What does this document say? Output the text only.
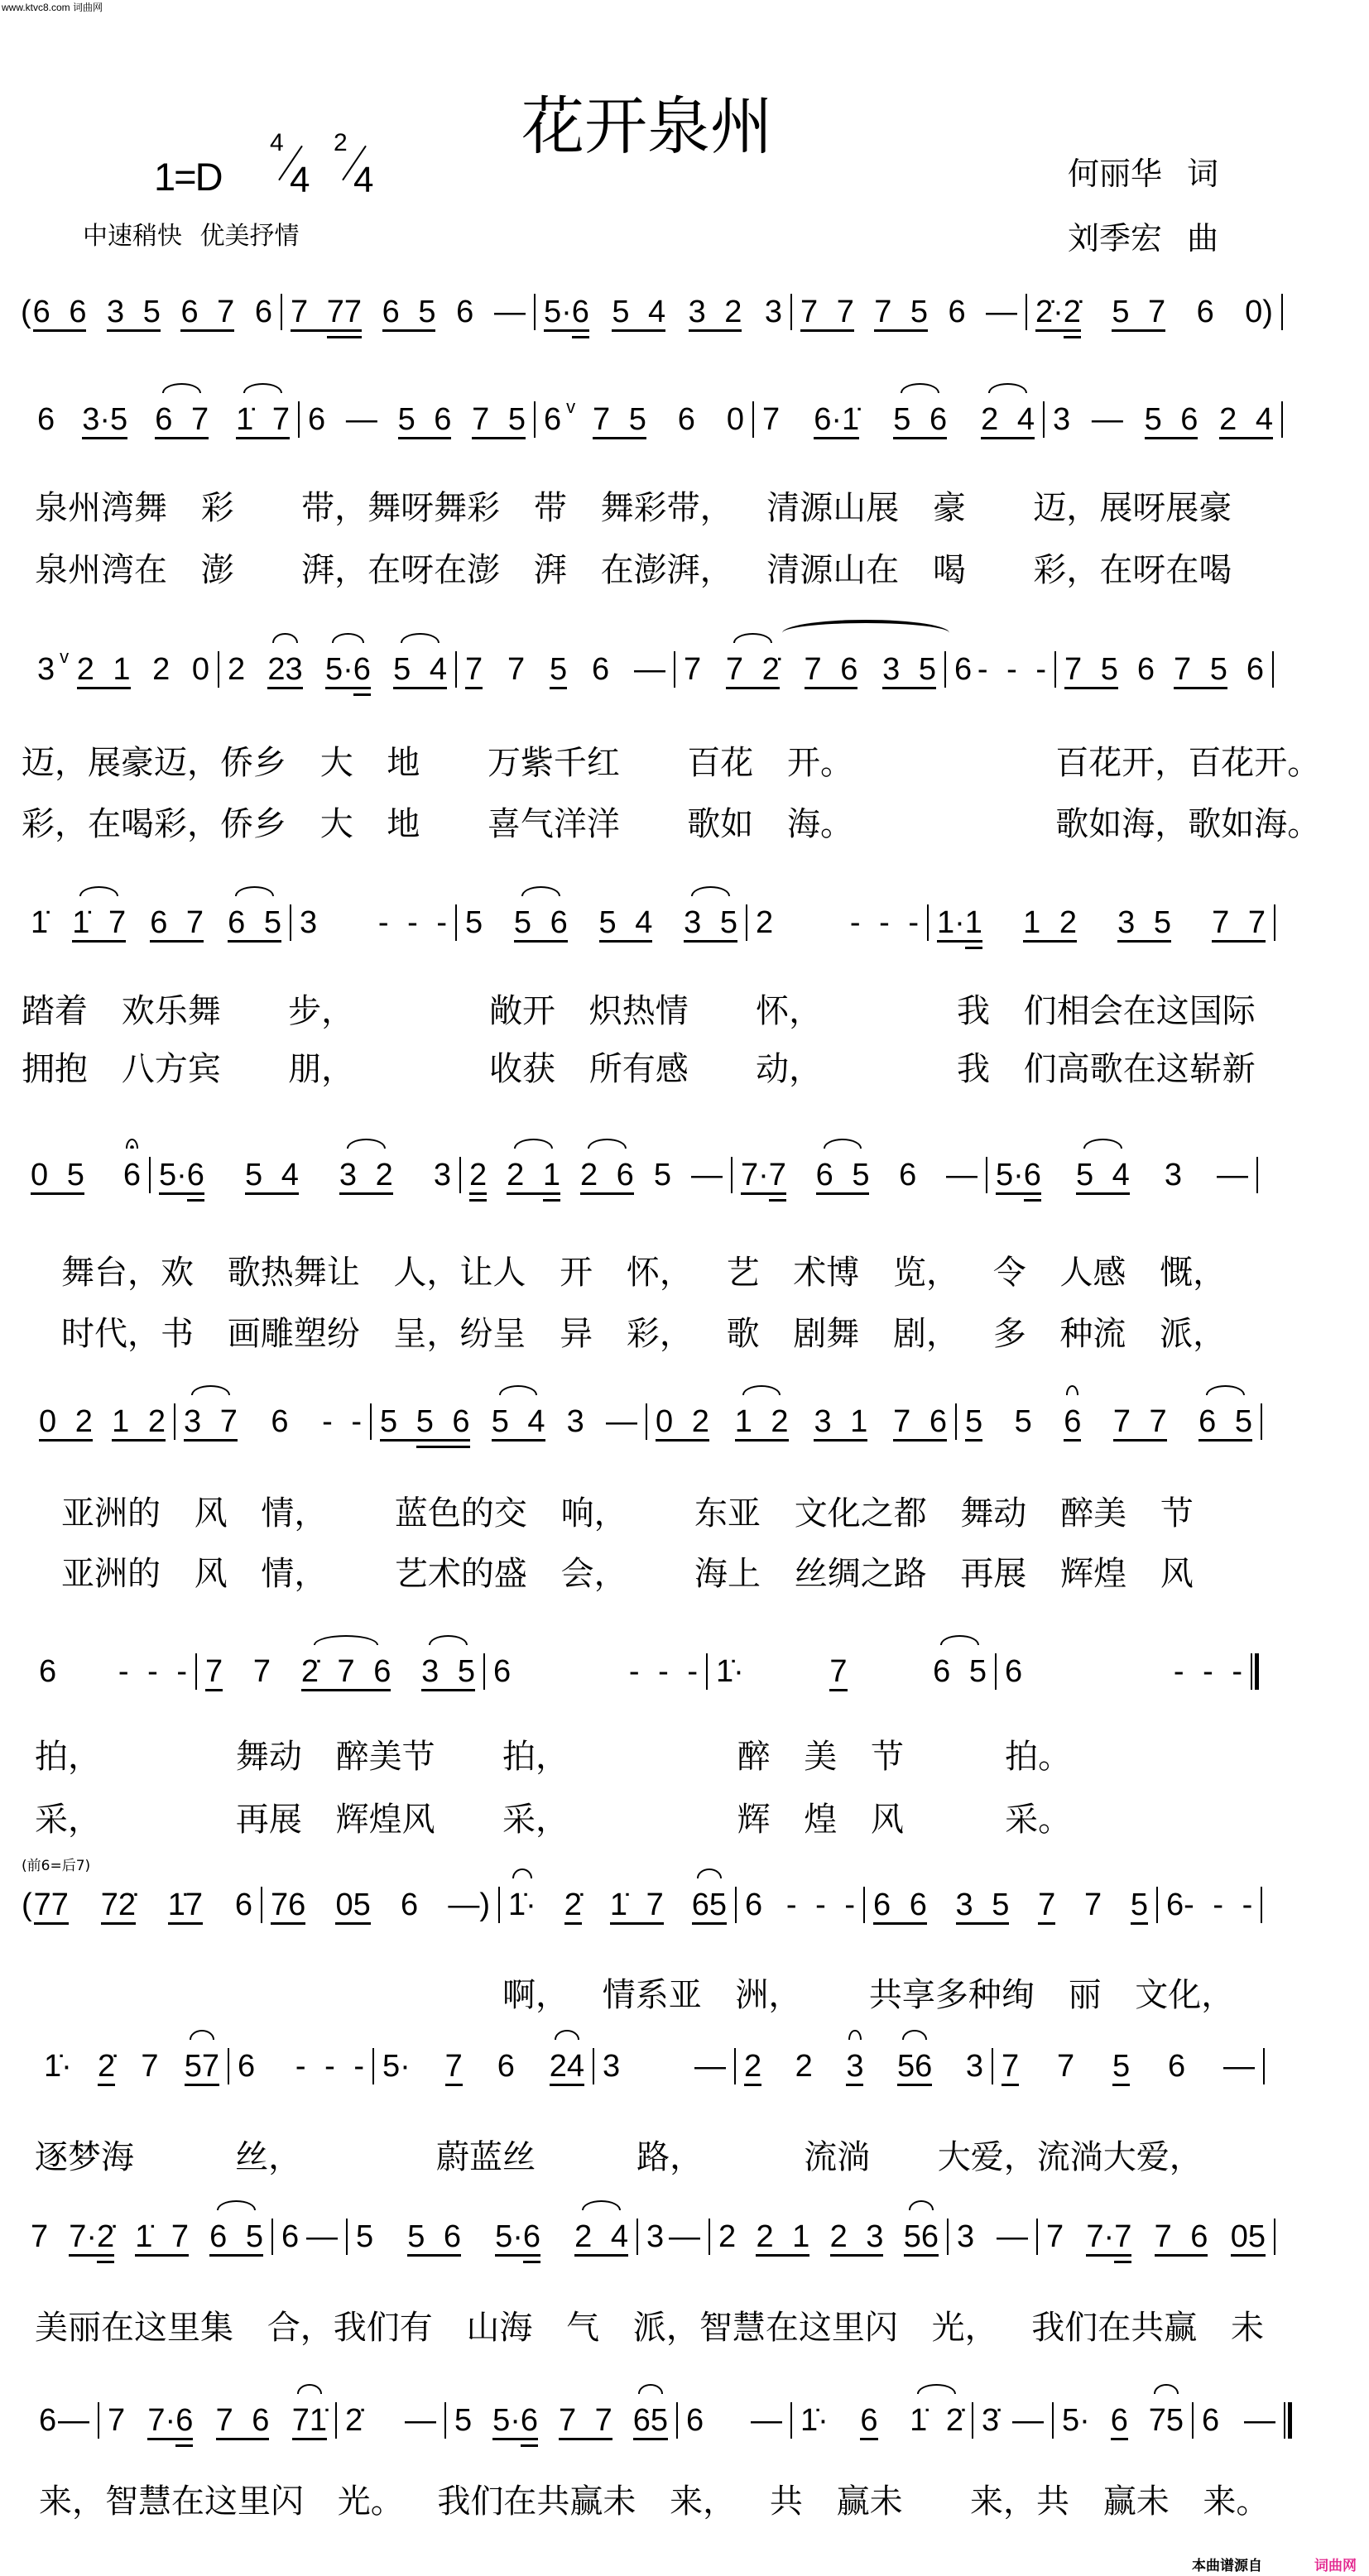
www.ktvc8.com 词曲网
花开泉州
1=D
4
4
2
4
中速稍快 优美抒情
何丽华 词
刘季宏 曲
( 6 6 3 5 6 7 6 7 77 6 5 6 — 5·6 5 4 3 2 3 7 7 7 5 6 — 2̇·2̇ 5 7 6 0)
6 3·5 6 7 1̇ 7 6 — 5 6 7 5 6 v 7 5 6 0 7 6·1̇ 5 6 2 4 3 — 5 6 2 4
3 v 2 1 2 0 2 23 5·6 5 4 7 7 5 6 — 7 7 2̇ 7 6 3 5 6 - - - 7 5 6 7 5 6
1̇ 1̇ 7 6 7 6 5 3 - - - 5 5 6 5 4 3 5 2 - - - 1·1 1 2 3 5 7 7
0 5 6 5·6 5 4 3 2 3 2 2 1 2 6 5 — 7·7 6 5 6 — 5·6 5 4 3 —
0 2 1 2 3 7 6 - - 5 5 6 5 4 3 — 0 2 1 2 3 1 7 6 5 5 6 7 7 6 5
6 - - - 7 7 2̇ 7 6 3 5 6	- - - 1̇·	7	6 5 6	- - -
( 77 72̇ 1̇7 6 76 05 6 —) 1̇· 2̇ 1̇ 7 65 6 - - - 6 6 3 5 7 7 5 6 - - -
1̇· 2̇ 7 57 6 - - - 5· 7 6 24 3 — 2 2 3 56 3 7 7 5 6 —
7 7·2̇ 1̇ 7 6 5 6 — 5 5 6 5·6 2 4 3 — 2 2 1 2 3 56 3 — 7 7·7 7 6 05
6 — 7 7·6 7 6 71̇ 2̇ — 5 5·6 7 7 65 6 — 1̇· 6 1̇ 2̇ 3̇ — 5· 6 75 6 —
泉州湾舞 彩  带，舞呀舞彩 带 舞彩带， 清源山展 豪  迈，展呀展豪
泉州湾在 澎  湃，在呀在澎 湃 在澎湃， 清源山在 喝  彩，在呀在喝
迈，展豪迈，侨乡 大 地  万紫千红  百花 开。      百花开，百花开。
彩，在喝彩，侨乡 大 地  喜气洋洋  歌如 海。      歌如海，歌如海。
踏着 欢乐舞  步，    敞开 炽热情  怀，    我 们相会在这国际
拥抱 八方宾  朋，    收获 所有感  动，    我 们高歌在这崭新
舞台，欢 歌热舞让 人，让人 开 怀， 艺 术博 览， 令 人感 慨，
时代，书 画雕塑纷 呈，纷呈 异 彩， 歌 剧舞 剧， 多 种流 派，
亚洲的 风 情，  蓝色的交 响，  东亚 文化之都 舞动 醉美 节
亚洲的 风 情，  艺术的盛 会，  海上 丝绸之路 再展 辉煌 风
拍，    舞动 醉美节  拍，     醉 美 节   拍。
采，    再展 辉煌风  采，     辉 煌 风   采。
啊， 情系亚 洲，  共享多种绚 丽 文化，
逐梦海   丝，    蔚蓝丝   路，   流淌  大爱，流淌大爱，
美丽在这里集 合，我们有 山海 气 派，智慧在这里闪 光， 我们在共赢 未
来，智慧在这里闪 光。 我们在共赢未 来， 共 赢未  来，共 赢未 来。
(前6=后7)
本曲谱源自	词曲网
